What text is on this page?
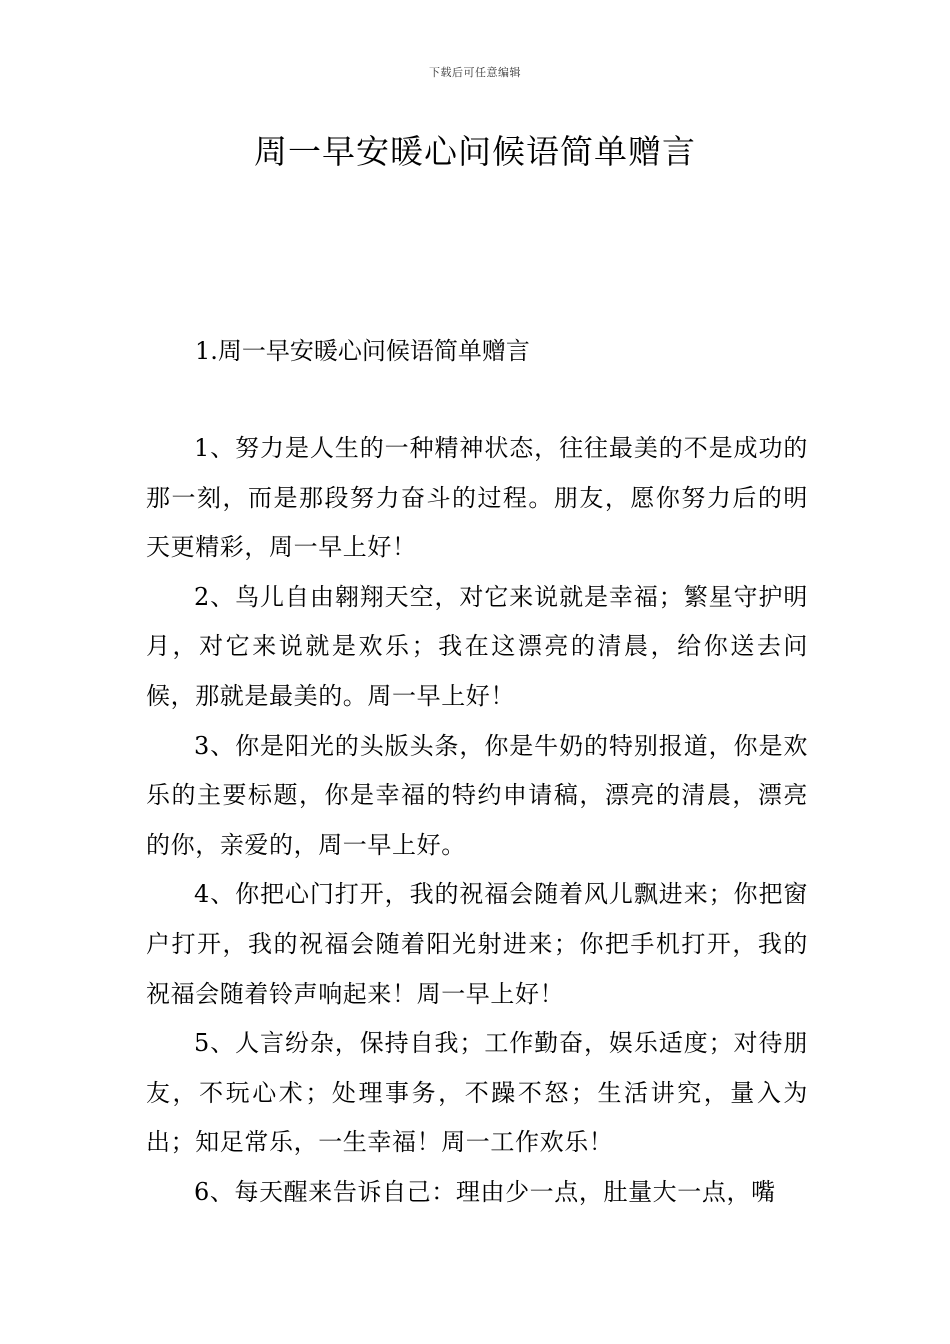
下载后可任意编辑
周一早安暖心问候语简单赠言
1.周一早安暖心问候语简单赠言

1、努力是人生的一种精神状态，往往最美的不是成功的那一刻，而是那段努力奋斗的过程。朋友，愿你努力后的明天更精彩，周一早上好！

2、鸟儿自由翱翔天空，对它来说就是幸福；繁星守护明月，对它来说就是欢乐；我在这漂亮的清晨，给你送去问候，那就是最美的。周一早上好！

3、你是阳光的头版头条，你是牛奶的特别报道，你是欢乐的主要标题，你是幸福的特约申请稿，漂亮的清晨，漂亮的你，亲爱的，周一早上好。

4、你把心门打开，我的祝福会随着风儿飘进来；你把窗户打开，我的祝福会随着阳光射进来；你把手机打开，我的祝福会随着铃声响起来！周一早上好！

5、人言纷杂，保持自我；工作勤奋，娱乐适度；对待朋友，不玩心术；处理事务，不躁不怒；生活讲究，量入为出；知足常乐，一生幸福！周一工作欢乐！

6、每天醒来告诉自己：理由少一点，肚量大一点，嘴
